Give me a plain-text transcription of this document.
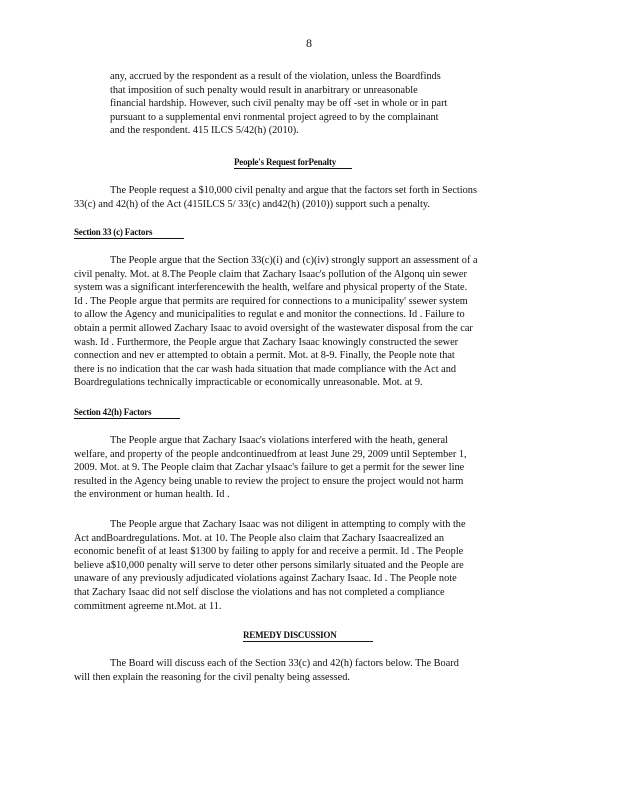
8
any, accrued by the respondent as a result of the violation, unless the Boardfinds
that imposition of such penalty would result in anarbitrary or unreasonable
financial hardship. However, such civil penalty may be off -set in whole or in part
pursuant to a supplemental envi ronmental project agreed to by the complainant
and the respondent. 415 ILCS 5/42(h) (2010).
People's Request forPenalty
The People request a $10,000 civil penalty and argue that the factors set forth in Sections
33(c) and 42(h) of the Act (415ILCS 5/ 33(c) and42(h) (2010)) support such a penalty.
Section 33 (c) Factors
The People argue that the Section 33(c)(i) and (c)(iv) strongly support an assessment of a
civil penalty. Mot. at 8.The People claim that Zachary Isaac's pollution of the Algonq uin sewer
system was a significant interferencewith the health, welfare and physical property of the State.
Id . The People argue that permits are required for connections to a municipality' ssewer system
to allow the Agency and municipalities to regulat e and monitor the connections. Id . Failure to
obtain a permit allowed Zachary Isaac to avoid oversight of the wastewater disposal from the car
wash. Id . Furthermore, the People argue that Zachary Isaac knowingly constructed the sewer
connection and nev er attempted to obtain a permit. Mot. at 8-9. Finally, the People note that
there is no indication that the car wash hada situation that made compliance with the Act and
Boardregulations technically impracticable or economically unreasonable. Mot. at 9.
Section 42(h) Factors
The People argue that Zachary Isaac's violations interfered with the heath, general
welfare, and property of the people andcontinuedfrom at least June 29, 2009 until September 1,
2009. Mot. at 9. The People claim that Zachar yIsaac's failure to get a permit for the sewer line
resulted in the Agency being unable to review the project to ensure the project would not harm
the environment or human health. Id .
The People argue that Zachary Isaac was not diligent in attempting to comply with the
Act andBoardregulations. Mot. at 10. The People also claim that Zachary Isaacrealized an
economic benefit of at least $1300 by failing to apply for and receive a permit. Id . The People
believe a$10,000 penalty will serve to deter other persons similarly situated and the People are
unaware of any previously adjudicated violations against Zachary Isaac. Id . The People note
that Zachary Isaac did not self disclose the violations and has not completed a compliance
commitment agreeme nt.Mot. at 11.
REMEDY DISCUSSION
The Board will discuss each of the Section 33(c) and 42(h) factors below. The Board
will then explain the reasoning for the civil penalty being assessed.
